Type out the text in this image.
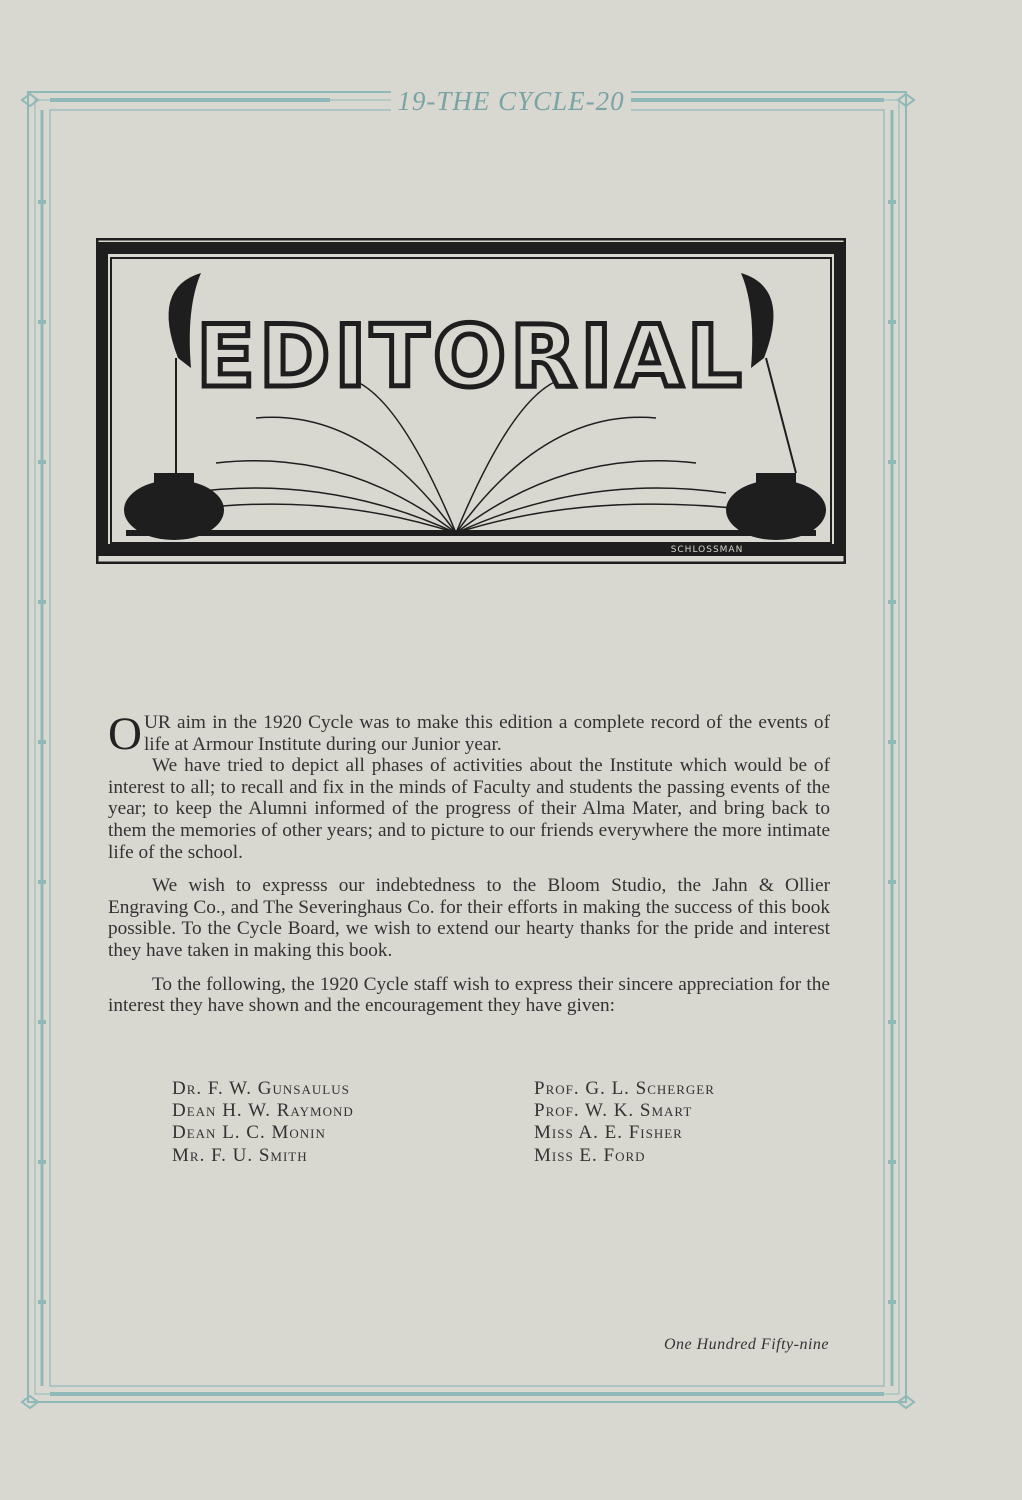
19-THE CYCLE-20
EDITORIAL
SCHLOSSMAN

OUR aim in the 1920 Cycle was to make this edition a complete record of the events of life at Armour Institute during our Junior year.

We have tried to depict all phases of activities about the Institute which would be of interest to all; to recall and fix in the minds of Faculty and students the passing events of the year; to keep the Alumni informed of the progress of their Alma Mater, and bring back to them the memories of other years; and to picture to our friends everywhere the more intimate life of the school.

We wish to expresss our indebtedness to the Bloom Studio, the Jahn & Ollier Engraving Co., and The Severinghaus Co. for their efforts in making the success of this book possible. To the Cycle Board, we wish to extend our hearty thanks for the pride and interest they have taken in making this book.

To the following, the 1920 Cycle staff wish to express their sincere appreciation for the interest they have shown and the encouragement they have given:

Dr. F. W. Gunsaulus
Dean H. W. Raymond
Dean L. C. Monin
Mr. F. U. Smith
Prof. G. L. Scherger
Prof. W. K. Smart
Miss A. E. Fisher
Miss E. Ford
One Hundred Fifty-nine
